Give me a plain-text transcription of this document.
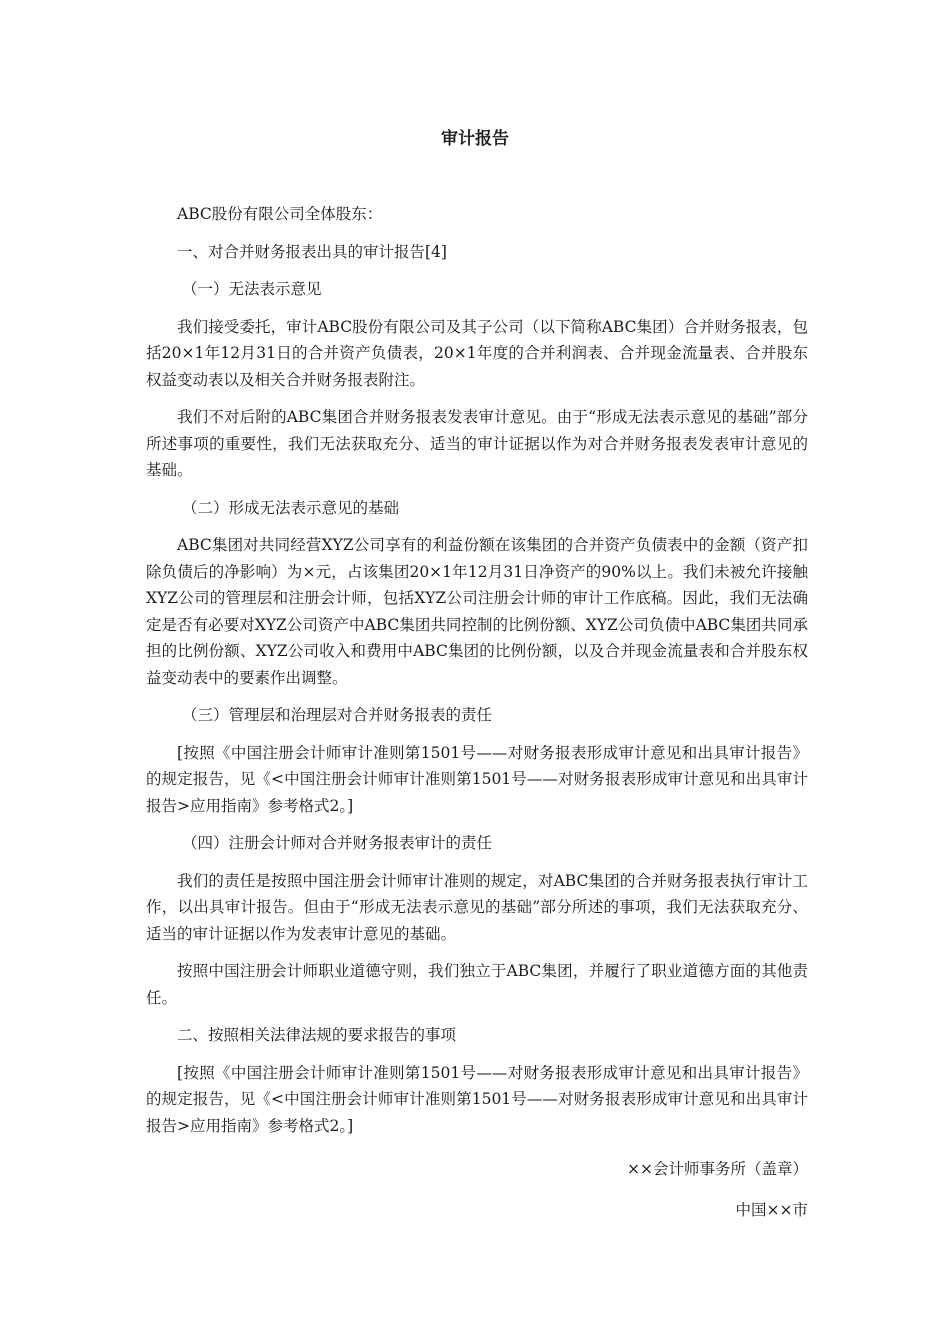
审计报告

ABC股份有限公司全体股东：

一、对合并财务报表出具的审计报告[4]

（一）无法表示意见

我们接受委托，审计ABC股份有限公司及其子公司（以下简称ABC集团）合并财务报表，包括20×1年12月31日的合并资产负债表，20×1年度的合并利润表、合并现金流量表、合并股东权益变动表以及相关合并财务报表附注。

我们不对后附的ABC集团合并财务报表发表审计意见。由于“形成无法表示意见的基础”部分所述事项的重要性，我们无法获取充分、适当的审计证据以作为对合并财务报表发表审计意见的基础。

（二）形成无法表示意见的基础

ABC集团对共同经营XYZ公司享有的利益份额在该集团的合并资产负债表中的金额（资产扣除负债后的净影响）为×元，占该集团20×1年12月31日净资产的90%以上。我们未被允许接触XYZ公司的管理层和注册会计师，包括XYZ公司注册会计师的审计工作底稿。因此，我们无法确定是否有必要对XYZ公司资产中ABC集团共同控制的比例份额、XYZ公司负债中ABC集团共同承担的比例份额、XYZ公司收入和费用中ABC集团的比例份额，以及合并现金流量表和合并股东权益变动表中的要素作出调整。

（三）管理层和治理层对合并财务报表的责任

[按照《中国注册会计师审计准则第1501号——对财务报表形成审计意见和出具审计报告》的规定报告，见《<中国注册会计师审计准则第1501号——对财务报表形成审计意见和出具审计报告>应用指南》参考格式2。]

（四）注册会计师对合并财务报表审计的责任

我们的责任是按照中国注册会计师审计准则的规定，对ABC集团的合并财务报表执行审计工作，以出具审计报告。但由于“形成无法表示意见的基础”部分所述的事项，我们无法获取充分、适当的审计证据以作为发表审计意见的基础。

按照中国注册会计师职业道德守则，我们独立于ABC集团，并履行了职业道德方面的其他责任。

二、按照相关法律法规的要求报告的事项

[按照《中国注册会计师审计准则第1501号——对财务报表形成审计意见和出具审计报告》的规定报告，见《<中国注册会计师审计准则第1501号——对财务报表形成审计意见和出具审计报告>应用指南》参考格式2。]

××会计师事务所（盖章）
中国××市
